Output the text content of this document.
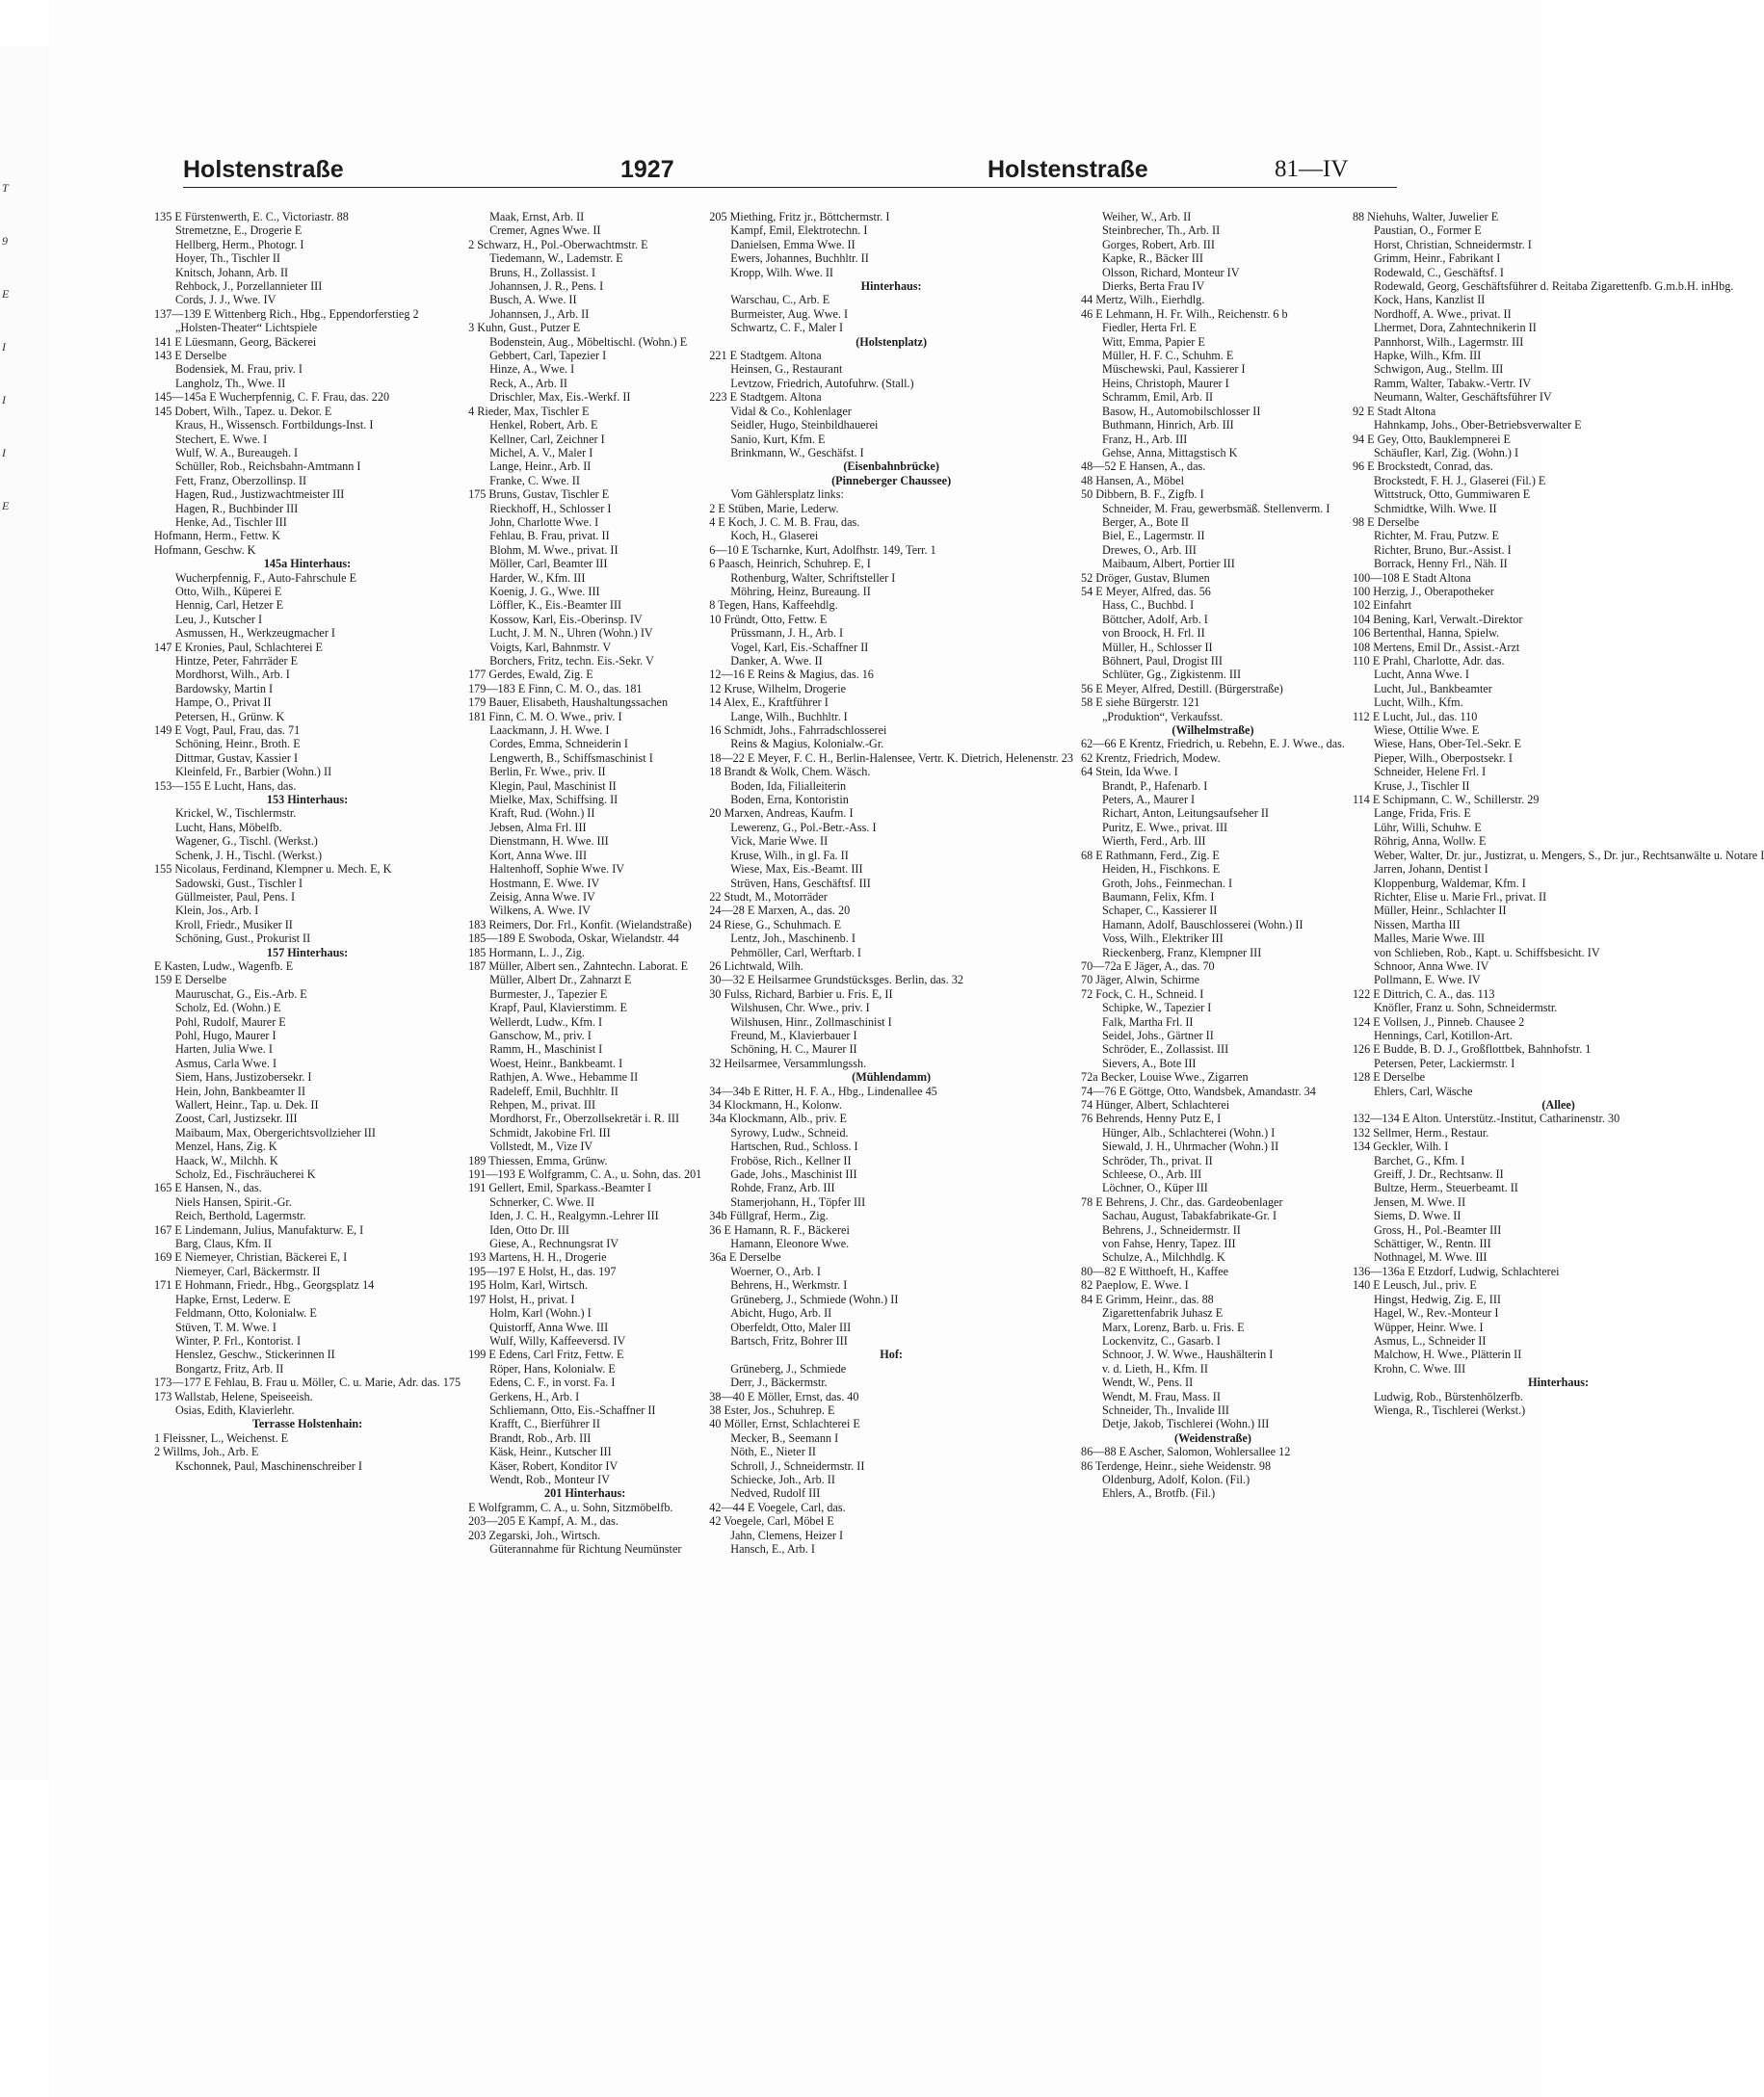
T
9
E
I
I
I
E
Holstenstraße	1927	Holstenstraße	81—IV
135 E Fürstenwerth, E. C., Victoriastr. 88
Stremetzne, E., Drogerie E
Hellberg, Herm., Photogr. I
Hoyer, Th., Tischler II
Knitsch, Johann, Arb. II
Rehbock, J., Porzellannieter III
Cords, J. J., Wwe. IV
137—139 E Wittenberg Rich., Hbg., Eppendorferstieg 2
„Holsten-Theater“ Lichtspiele
141 E Lüesmann, Georg, Bäckerei
143 E Derselbe
Bodensiek, M. Frau, priv. I
Langholz, Th., Wwe. II
145—145a E Wucherpfennig, C. F. Frau, das. 220
145 Dobert, Wilh., Tapez. u. Dekor. E
Kraus, H., Wissensch. Fortbildungs-Inst. I
Stechert, E. Wwe. I
Wulf, W. A., Bureaugeh. I
Schüller, Rob., Reichsbahn-Amtmann I
Fett, Franz, Oberzollinsp. II
Hagen, Rud., Justizwachtmeister III
Hagen, R., Buchbinder III
Henke, Ad., Tischler III
Hofmann, Herm., Fettw. K
Hofmann, Geschw. K
145a Hinterhaus:
Wucherpfennig, F., Auto-Fahrschule E
Otto, Wilh., Küperei E
Hennig, Carl, Hetzer E
Leu, J., Kutscher I
Asmussen, H., Werkzeugmacher I
147 E Kronies, Paul, Schlachterei E
Hintze, Peter, Fahrräder E
Mordhorst, Wilh., Arb. I
Bardowsky, Martin I
Hampe, O., Privat II
Petersen, H., Grünw. K
149 E Vogt, Paul, Frau, das. 71
Schöning, Heinr., Broth. E
Dittmar, Gustav, Kassier I
Kleinfeld, Fr., Barbier (Wohn.) II
153—155 E Lucht, Hans, das.
153 Hinterhaus:
Krickel, W., Tischlermstr.
Lucht, Hans, Möbelfb.
Wagener, G., Tischl. (Werkst.)
Schenk, J. H., Tischl. (Werkst.)
155 Nicolaus, Ferdinand, Klempner u. Mech. E, K
Sadowski, Gust., Tischler I
Güllmeister, Paul, Pens. I
Klein, Jos., Arb. I
Kroll, Friedr., Musiker II
Schöning, Gust., Prokurist II
157 Hinterhaus:
E Kasten, Ludw., Wagenfb. E
159 E Derselbe
Mauruschat, G., Eis.-Arb. E
Scholz, Ed. (Wohn.) E
Pohl, Rudolf, Maurer E
Pohl, Hugo, Maurer I
Harten, Julia Wwe. I
Asmus, Carla Wwe. I
Siem, Hans, Justizobersekr. I
Hein, John, Bankbeamter II
Wallert, Heinr., Tap. u. Dek. II
Zoost, Carl, Justizsekr. III
Maibaum, Max, Obergerichtsvollzieher III
Menzel, Hans, Zig. K
Haack, W., Milchh. K
Scholz, Ed., Fischräucherei K
165 E Hansen, N., das.
Niels Hansen, Spirit.-Gr.
Reich, Berthold, Lagermstr.
167 E Lindemann, Julius, Manufakturw. E, I
Barg, Claus, Kfm. II
169 E Niemeyer, Christian, Bäckerei E, I
Niemeyer, Carl, Bäckermstr. II
171 E Hohmann, Friedr., Hbg., Georgsplatz 14
Hapke, Ernst, Lederw. E
Feldmann, Otto, Kolonialw. E
Stüven, T. M. Wwe. I
Winter, P. Frl., Kontorist. I
Henslez, Geschw., Stickerinnen II
Bongartz, Fritz, Arb. II
173—177 E Fehlau, B. Frau u. Möller, C. u. Marie, Adr. das. 175
173 Wallstab, Helene, Speiseeish.
Osias, Edith, Klavierlehr.
Terrasse Holstenhain:
1 Fleissner, L., Weichenst. E
2 Willms, Joh., Arb. E
Kschonnek, Paul, Maschinenschreiber I
Maak, Ernst, Arb. II
Cremer, Agnes Wwe. II
2 Schwarz, H., Pol.-Oberwachtmstr. E
Tiedemann, W., Lademstr. E
Bruns, H., Zollassist. I
Johannsen, J. R., Pens. I
Busch, A. Wwe. II
Johannsen, J., Arb. II
3 Kuhn, Gust., Putzer E
Bodenstein, Aug., Möbeltischl. (Wohn.) E
Gebbert, Carl, Tapezier I
Hinze, A., Wwe. I
Reck, A., Arb. II
Drischler, Max, Eis.-Werkf. II
4 Rieder, Max, Tischler E
Henkel, Robert, Arb. E
Kellner, Carl, Zeichner I
Michel, A. V., Maler I
Lange, Heinr., Arb. II
Franke, C. Wwe. II
175 Bruns, Gustav, Tischler E
Rieckhoff, H., Schlosser I
John, Charlotte Wwe. I
Fehlau, B. Frau, privat. II
Blohm, M. Wwe., privat. II
Möller, Carl, Beamter III
Harder, W., Kfm. III
Koenig, J. G., Wwe. III
Löffler, K., Eis.-Beamter III
Kossow, Karl, Eis.-Oberinsp. IV
Lucht, J. M. N., Uhren (Wohn.) IV
Voigts, Karl, Bahnmstr. V
Borchers, Fritz, techn. Eis.-Sekr. V
177 Gerdes, Ewald, Zig. E
179—183 E Finn, C. M. O., das. 181
179 Bauer, Elisabeth, Haushaltungssachen
181 Finn, C. M. O. Wwe., priv. I
Laackmann, J. H. Wwe. I
Cordes, Emma, Schneiderin I
Lengwerth, B., Schiffsmaschinist I
Berlin, Fr. Wwe., priv. II
Klegin, Paul, Maschinist II
Mielke, Max, Schiffsing. II
Kraft, Rud. (Wohn.) II
Jebsen, Alma Frl. III
Dienstmann, H. Wwe. III
Kort, Anna Wwe. III
Haltenhoff, Sophie Wwe. IV
Hostmann, E. Wwe. IV
Zeisig, Anna Wwe. IV
Wilkens, A. Wwe. IV
183 Reimers, Dor. Frl., Konfit. (Wielandstraße)
185—189 E Swoboda, Oskar, Wielandstr. 44
185 Hormann, L. J., Zig.
187 Müller, Albert sen., Zahntechn. Laborat. E
Müller, Albert Dr., Zahnarzt E
Burmester, J., Tapezier E
Krapf, Paul, Klavierstimm. E
Wellerdt, Ludw., Kfm. I
Ganschow, M., priv. I
Ramm, H., Maschinist I
Woest, Heinr., Bankbeamt. I
Rathjen, A. Wwe., Hebamme II
Radeleff, Emil, Buchhltr. II
Rehpen, M., privat. III
Mordhorst, Fr., Oberzollsekretär i. R. III
Schmidt, Jakobine Frl. III
Vollstedt, M., Vize IV
189 Thiessen, Emma, Grünw.
191—193 E Wolfgramm, C. A., u. Sohn, das. 201
191 Gellert, Emil, Sparkass.-Beamter I
Schnerker, C. Wwe. II
Iden, J. C. H., Realgymn.-Lehrer III
Iden, Otto Dr. III
Giese, A., Rechnungsrat IV
193 Martens, H. H., Drogerie
195—197 E Holst, H., das. 197
195 Holm, Karl, Wirtsch.
197 Holst, H., privat. I
Holm, Karl (Wohn.) I
Quistorff, Anna Wwe. III
Wulf, Willy, Kaffeeversd. IV
199 E Edens, Carl Fritz, Fettw. E
Röper, Hans, Kolonialw. E
Edens, C. F., in vorst. Fa. I
Gerkens, H., Arb. I
Schliemann, Otto, Eis.-Schaffner II
Krafft, C., Bierführer II
Brandt, Rob., Arb. III
Käsk, Heinr., Kutscher III
Käser, Robert, Konditor IV
Wendt, Rob., Monteur IV
201 Hinterhaus:
E Wolfgramm, C. A., u. Sohn, Sitzmöbelfb.
203—205 E Kampf, A. M., das.
203 Zegarski, Joh., Wirtsch.
Güterannahme für Richtung Neumünster
205 Miething, Fritz jr., Böttchermstr. I
Kampf, Emil, Elektrotechn. I
Danielsen, Emma Wwe. II
Ewers, Johannes, Buchhltr. II
Kropp, Wilh. Wwe. II
Hinterhaus:
Warschau, C., Arb. E
Burmeister, Aug. Wwe. I
Schwartz, C. F., Maler I
(Holstenplatz)
221 E Stadtgem. Altona
Heinsen, G., Restaurant
Levtzow, Friedrich, Autofuhrw. (Stall.)
223 E Stadtgem. Altona
Vidal & Co., Kohlenlager
Seidler, Hugo, Steinbildhauerei
Sanio, Kurt, Kfm. E
Brinkmann, W., Geschäfst. I
(Eisenbahnbrücke)
(Pinneberger Chaussee)
Vom Gählersplatz links:
2 E Stüben, Marie, Lederw.
4 E Koch, J. C. M. B. Frau, das.
Koch, H., Glaserei
6—10 E Tscharnke, Kurt, Adolfhstr. 149, Terr. 1
6 Paasch, Heinrich, Schuhrep. E, I
Rothenburg, Walter, Schriftsteller I
Möhring, Heinz, Bureaung. II
8 Tegen, Hans, Kaffeehdlg.
10 Fründt, Otto, Fettw. E
Prüssmann, J. H., Arb. I
Vogel, Karl, Eis.-Schaffner II
Danker, A. Wwe. II
12—16 E Reins & Magius, das. 16
12 Kruse, Wilhelm, Drogerie
14 Alex, E., Kraftführer I
Lange, Wilh., Buchhltr. I
16 Schmidt, Johs., Fahrradschlosserei
Reins & Magius, Kolonialw.-Gr.
18—22 E Meyer, F. C. H., Berlin-Halensee, Vertr. K. Dietrich, Helenenstr. 23
18 Brandt & Wolk, Chem. Wäsch.
Boden, Ida, Filialleiterin
Boden, Erna, Kontoristin
20 Marxen, Andreas, Kaufm. I
Lewerenz, G., Pol.-Betr.-Ass. I
Vick, Marie Wwe. II
Kruse, Wilh., in gl. Fa. II
Wiese, Max, Eis.-Beamt. III
Strüven, Hans, Geschäftsf. III
22 Studt, M., Motorräder
24—28 E Marxen, A., das. 20
24 Riese, G., Schuhmach. E
Lentz, Joh., Maschinenb. I
Pehmöller, Carl, Werftarb. I
26 Lichtwald, Wilh.
30—32 E Heilsarmee Grundstücksges. Berlin, das. 32
30 Fulss, Richard, Barbier u. Fris. E, II
Wilshusen, Chr. Wwe., priv. I
Wilshusen, Hinr., Zollmaschinist I
Freund, M., Klavierbauer I
Schöning, H. C., Maurer II
32 Heilsarmee, Versammlungssh.
(Mühlendamm)
34—34b E Ritter, H. F. A., Hbg., Lindenallee 45
34 Klockmann, H., Kolonw.
34a Klockmann, Alb., priv. E
Syrowy, Ludw., Schneid.
Hartschen, Rud., Schloss. I
Froböse, Rich., Kellner II
Gade, Johs., Maschinist III
Rohde, Franz, Arb. III
Stamerjohann, H., Töpfer III
34b Füllgraf, Herm., Zig.
36 E Hamann, R. F., Bäckerei
Hamann, Eleonore Wwe.
36a E Derselbe
Woerner, O., Arb. I
Behrens, H., Werkmstr. I
Grüneberg, J., Schmiede (Wohn.) II
Abicht, Hugo, Arb. II
Oberfeldt, Otto, Maler III
Bartsch, Fritz, Bohrer III
Hof:
Grüneberg, J., Schmiede
Derr, J., Bäckermstr.
38—40 E Möller, Ernst, das. 40
38 Ester, Jos., Schuhrep. E
40 Möller, Ernst, Schlachterei E
Mecker, B., Seemann I
Nöth, E., Nieter II
Schroll, J., Schneidermstr. II
Schiecke, Joh., Arb. II
Nedved, Rudolf III
42—44 E Voegele, Carl, das.
42 Voegele, Carl, Möbel E
Jahn, Clemens, Heizer I
Hansch, E., Arb. I
Weiher, W., Arb. II
Steinbrecher, Th., Arb. II
Gorges, Robert, Arb. III
Kapke, R., Bäcker III
Olsson, Richard, Monteur IV
Dierks, Berta Frau IV
44 Mertz, Wilh., Eierhdlg.
46 E Lehmann, H. Fr. Wilh., Reichenstr. 6 b
Fiedler, Herta Frl. E
Witt, Emma, Papier E
Müller, H. F. C., Schuhm. E
Müschewski, Paul, Kassierer I
Heins, Christoph, Maurer I
Schramm, Emil, Arb. II
Basow, H., Automobilschlosser II
Buthmann, Hinrich, Arb. III
Franz, H., Arb. III
Gehse, Anna, Mittagstisch K
48—52 E Hansen, A., das.
48 Hansen, A., Möbel
50 Dibbern, B. F., Zigfb. I
Schneider, M. Frau, gewerbsmäß. Stellenverm. I
Berger, A., Bote II
Biel, E., Lagermstr. II
Drewes, O., Arb. III
Maibaum, Albert, Portier III
52 Dröger, Gustav, Blumen
54 E Meyer, Alfred, das. 56
Hass, C., Buchbd. I
Böttcher, Adolf, Arb. I
von Broock, H. Frl. II
Müller, H., Schlosser II
Böhnert, Paul, Drogist III
Schlüter, Gg., Zigkistenm. III
56 E Meyer, Alfred, Destill. (Bürgerstraße)
58 E siehe Bürgerstr. 121
„Produktion“, Verkaufsst.
(Wilhelmstraße)
62—66 E Krentz, Friedrich, u. Rebehn, E. J. Wwe., das.
62 Krentz, Friedrich, Modew.
64 Stein, Ida Wwe. I
Brandt, P., Hafenarb. I
Peters, A., Maurer I
Richart, Anton, Leitungsaufseher II
Puritz, E. Wwe., privat. III
Wierth, Ferd., Arb. III
68 E Rathmann, Ferd., Zig. E
Heiden, H., Fischkons. E
Groth, Johs., Feinmechan. I
Baumann, Felix, Kfm. I
Schaper, C., Kassierer II
Hamann, Adolf, Bauschlosserei (Wohn.) II
Voss, Wilh., Elektriker III
Rieckenberg, Franz, Klempner III
70—72a E Jäger, A., das. 70
70 Jäger, Alwin, Schirme
72 Fock, C. H., Schneid. I
Schipke, W., Tapezier I
Falk, Martha Frl. II
Seidel, Johs., Gärtner II
Schröder, E., Zollassist. III
Sievers, A., Bote III
72a Becker, Louise Wwe., Zigarren
74—76 E Göttge, Otto, Wandsbek, Amandastr. 34
74 Hünger, Albert, Schlachterei
76 Behrends, Henny Putz E, I
Hünger, Alb., Schlachterei (Wohn.) I
Siewald, J. H., Uhrmacher (Wohn.) II
Schröder, Th., privat. II
Schleese, O., Arb. III
Löchner, O., Küper III
78 E Behrens, J. Chr., das. Gardeobenlager
Sachau, August, Tabakfabrikate-Gr. I
Behrens, J., Schneidermstr. II
von Fahse, Henry, Tapez. III
Schulze, A., Milchhdlg. K
80—82 E Witthoeft, H., Kaffee
82 Paeplow, E. Wwe. I
84 E Grimm, Heinr., das. 88
Zigarettenfabrik Juhasz E
Marx, Lorenz, Barb. u. Fris. E
Lockenvitz, C., Gasarb. I
Schnoor, J. W. Wwe., Haushälterin I
v. d. Lieth, H., Kfm. II
Wendt, W., Pens. II
Wendt, M. Frau, Mass. II
Schneider, Th., Invalide III
Detje, Jakob, Tischlerei (Wohn.) III
(Weidenstraße)
86—88 E Ascher, Salomon, Wohlersallee 12
86 Terdenge, Heinr., siehe Weidenstr. 98
Oldenburg, Adolf, Kolon. (Fil.)
Ehlers, A., Brotfb. (Fil.)
88 Niehuhs, Walter, Juwelier E
Paustian, O., Former E
Horst, Christian, Schneidermstr. I
Grimm, Heinr., Fabrikant I
Rodewald, C., Geschäftsf. I
Rodewald, Georg, Geschäftsführer d. Reitaba Zigarettenfb. G.m.b.H. inHbg.
Kock, Hans, Kanzlist II
Nordhoff, A. Wwe., privat. II
Lhermet, Dora, Zahntechnikerin II
Pannhorst, Wilh., Lagermstr. III
Hapke, Wilh., Kfm. III
Schwigon, Aug., Stellm. III
Ramm, Walter, Tabakw.-Vertr. IV
Neumann, Walter, Geschäftsführer IV
92 E Stadt Altona
Hahnkamp, Johs., Ober-Betriebsverwalter E
94 E Gey, Otto, Bauklempnerei E
Schäufler, Karl, Zig. (Wohn.) I
96 E Brockstedt, Conrad, das.
Brockstedt, F. H. J., Glaserei (Fil.) E
Wittstruck, Otto, Gummiwaren E
Schmidtke, Wilh. Wwe. II
98 E Derselbe
Richter, M. Frau, Putzw. E
Richter, Bruno, Bur.-Assist. I
Borrack, Henny Frl., Näh. II
100—108 E Stadt Altona
100 Herzig, J., Oberapotheker
102 Einfahrt
104 Bening, Karl, Verwalt.-Direktor
106 Bertenthal, Hanna, Spielw.
108 Mertens, Emil Dr., Assist.-Arzt
110 E Prahl, Charlotte, Adr. das.
Lucht, Anna Wwe. I
Lucht, Jul., Bankbeamter
Lucht, Wilh., Kfm.
112 E Lucht, Jul., das. 110
Wiese, Ottilie Wwe. E
Wiese, Hans, Ober-Tel.-Sekr. E
Pieper, Wilh., Oberpostsekr. I
Schneider, Helene Frl. I
Kruse, J., Tischler II
114 E Schipmann, C. W., Schillerstr. 29
Lange, Frida, Fris. E
Lühr, Willi, Schuhw. E
Röhrig, Anna, Wollw. E
Weber, Walter, Dr. jur., Justizrat, u. Mengers, S., Dr. jur., Rechtsanwälte u. Notare I
Jarren, Johann, Dentist I
Kloppenburg, Waldemar, Kfm. I
Richter, Elise u. Marie Frl., privat. II
Müller, Heinr., Schlachter II
Nissen, Martha III
Malles, Marie Wwe. III
von Schlieben, Rob., Kapt. u. Schiffsbesicht. IV
Schnoor, Anna Wwe. IV
Pollmann, E. Wwe. IV
122 E Dittrich, C. A., das. 113
Knöfler, Franz u. Sohn, Schneidermstr.
124 E Vollsen, J., Pinneb. Chausee 2
Hennings, Carl, Kotillon-Art.
126 E Budde, B. D. J., Großflottbek, Bahnhofstr. 1
Petersen, Peter, Lackiermstr. I
128 E Derselbe
Ehlers, Carl, Wäsche
(Allee)
132—134 E Alton. Unterstütz.-Institut, Catharinenstr. 30
132 Sellmer, Herm., Restaur.
134 Geckler, Wilh. I
Barchet, G., Kfm. I
Greiff, J. Dr., Rechtsanw. II
Bultze, Herm., Steuerbeamt. II
Jensen, M. Wwe. II
Siems, D. Wwe. II
Gross, H., Pol.-Beamter III
Schättiger, W., Rentn. III
Nothnagel, M. Wwe. III
136—136a E Etzdorf, Ludwig, Schlachterei
140 E Leusch, Jul., priv. E
Hingst, Hedwig, Zig. E, III
Hagel, W., Rev.-Monteur I
Wüpper, Heinr. Wwe. I
Asmus, L., Schneider II
Malchow, H. Wwe., Plätterin II
Krohn, C. Wwe. III
Hinterhaus:
Ludwig, Rob., Bürstenhölzerfb.
Wienga, R., Tischlerei (Werkst.)
